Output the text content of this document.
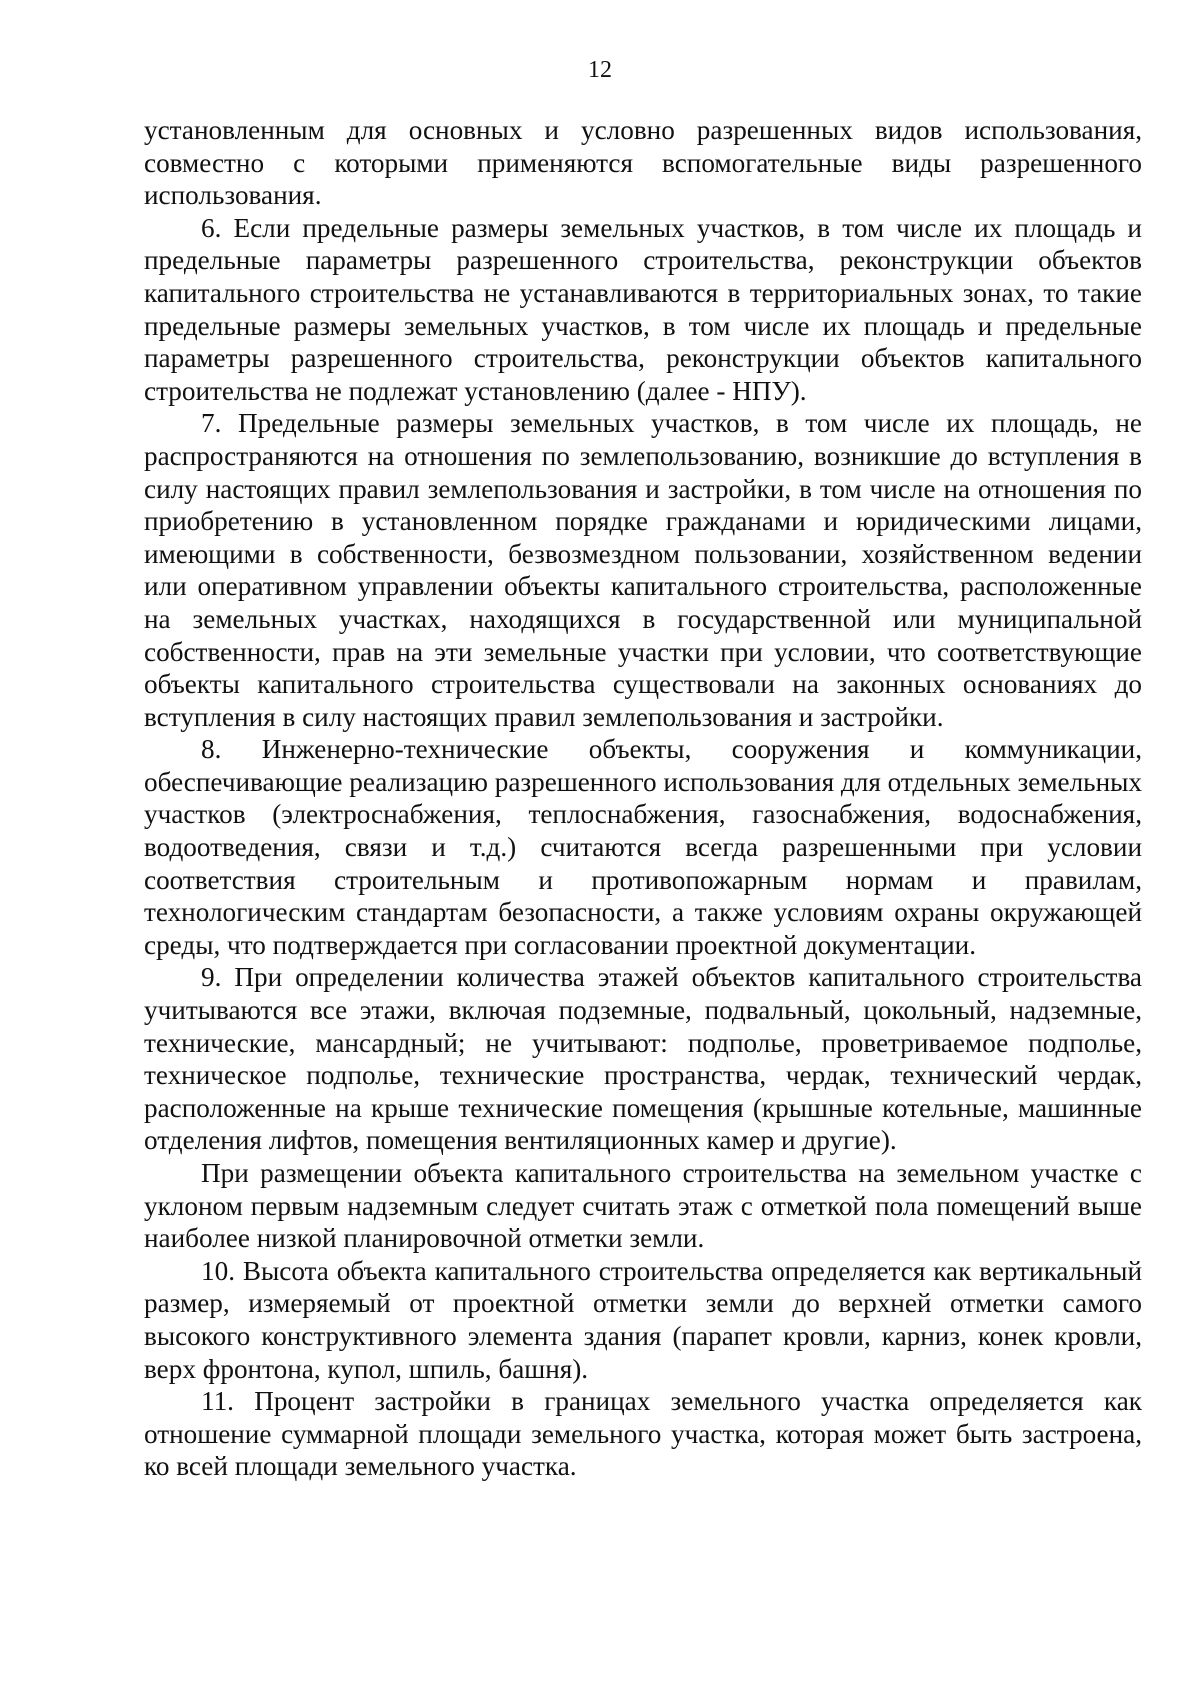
12

установленным для основных и условно разрешенных видов использования, совместно с которыми применяются вспомогательные виды разрешенного использования.

6. Если предельные размеры земельных участков, в том числе их площадь и предельные параметры разрешенного строительства, реконструкции объектов капитального строительства не устанавливаются в территориальных зонах, то такие предельные размеры земельных участков, в том числе их площадь и предельные параметры разрешенного строительства, реконструкции объектов капитального строительства не подлежат установлению (далее - НПУ).

7. Предельные размеры земельных участков, в том числе их площадь, не распространяются на отношения по землепользованию, возникшие до вступления в силу настоящих правил землепользования и застройки, в том числе на отношения по приобретению в установленном порядке гражданами и юридическими лицами, имеющими в собственности, безвозмездном пользовании, хозяйственном ведении или оперативном управлении объекты капитального строительства, расположенные на земельных участках, находящихся в государственной или муниципальной собственности, прав на эти земельные участки при условии, что соответствующие объекты капитального строительства существовали на законных основаниях до вступления в силу настоящих правил землепользования и застройки.

8. Инженерно-технические объекты, сооружения и коммуникации, обеспечивающие реализацию разрешенного использования для отдельных земельных участков (электроснабжения, теплоснабжения, газоснабжения, водоснабжения, водоотведения, связи и т.д.) считаются всегда разрешенными при условии соответствия строительным и противопожарным нормам и правилам, технологическим стандартам безопасности, а также условиям охраны окружающей среды, что подтверждается при согласовании проектной документации.

9. При определении количества этажей объектов капитального строительства учитываются все этажи, включая подземные, подвальный, цокольный, надземные, технические, мансардный; не учитывают: подполье, проветриваемое подполье, техническое подполье, технические пространства, чердак, технический чердак, расположенные на крыше технические помещения (крышные котельные, машинные отделения лифтов, помещения вентиляционных камер и другие).

При размещении объекта капитального строительства на земельном участке с уклоном первым надземным следует считать этаж с отметкой пола помещений выше наиболее низкой планировочной отметки земли.

10. Высота объекта капитального строительства определяется как вертикальный размер, измеряемый от проектной отметки земли до верхней отметки самого высокого конструктивного элемента здания (парапет кровли, карниз, конек кровли, верх фронтона, купол, шпиль, башня).

11. Процент застройки в границах земельного участка определяется как отношение суммарной площади земельного участка, которая может быть застроена, ко всей площади земельного участка.
